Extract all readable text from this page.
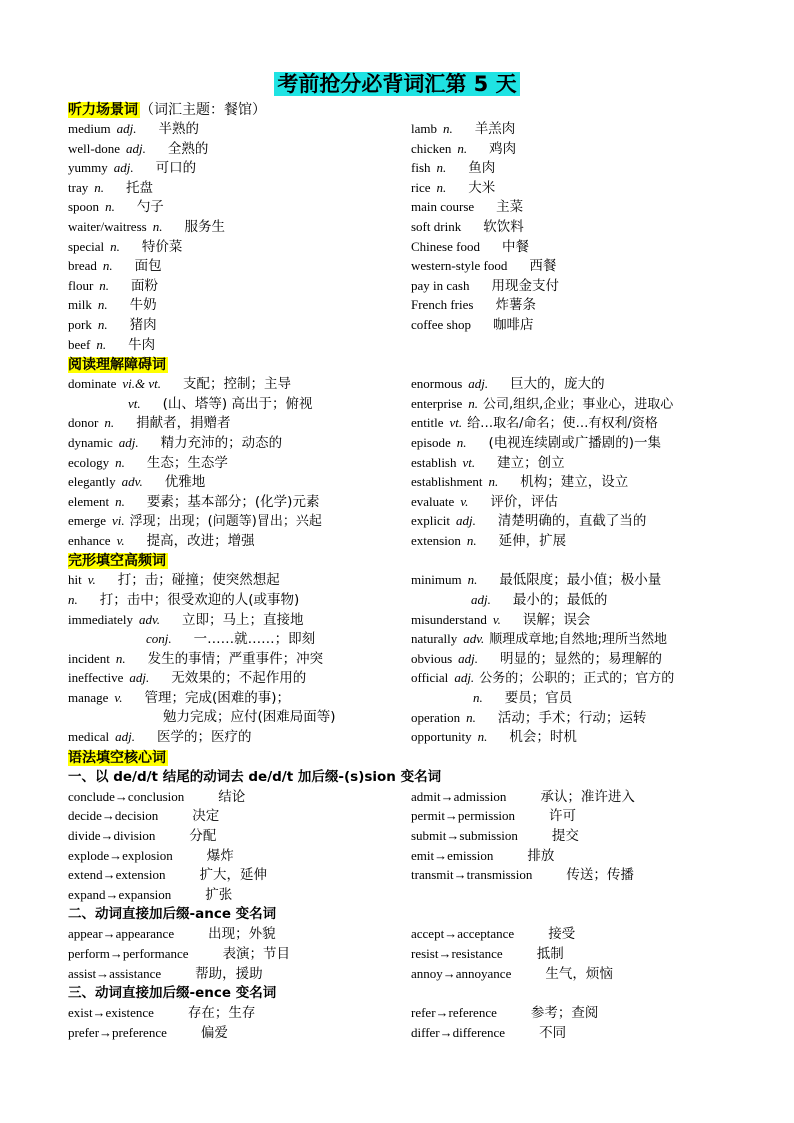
考前抢分必背词汇第 5 天
听力场景词 （词汇主题：餐馆）
medium adj. 半熟的	lamb n. 羊羔肉
well-done adj. 全熟的	chicken n. 鸡肉
yummy adj. 可口的	fish n. 鱼肉
tray n. 托盘	rice n. 大米
spoon n. 勺子	main course 主菜
waiter/waitress n. 服务生	soft drink 软饮料
special n. 特价菜	Chinese food 中餐
bread n. 面包	western-style food 西餐
flour n. 面粉	pay in cash 用现金支付
milk n. 牛奶	French fries 炸薯条
pork n. 猪肉	coffee shop 咖啡店
beef n. 牛肉
阅读理解障碍词
dominate vi.& vt. 支配；控制；主导	enormous adj. 巨大的，庞大的
vt. (山、塔等) 高出于；俯视	enterprise n. 公司,组织,企业；事业心，进取心
donor n. 捐献者，捐赠者	entitle vt. 给…取名/命名；使…有权利/资格
dynamic adj. 精力充沛的；动态的	episode n. (电视连续剧或广播剧的)一集
ecology n. 生态；生态学	establish vt. 建立；创立
elegantly adv. 优雅地	establishment n. 机构；建立，设立
element n. 要素；基本部分；(化学)元素	evaluate v. 评价，评估
emerge vi. 浮现；出现；(问题等)冒出；兴起	explicit adj. 清楚明确的，直截了当的
enhance v. 提高，改进；增强	extension n. 延伸，扩展
完形填空高频词
hit v. 打；击；碰撞；使突然想起	minimum n. 最低限度；最小值；极小量
n. 打；击中；很受欢迎的人(或事物)	adj. 最小的；最低的
immediately adv. 立即；马上；直接地	misunderstand v. 误解；误会
conj. 一……就……；即刻	naturally adv. 顺理成章地;自然地;理所当然地
incident n. 发生的事情；严重事件；冲突	obvious adj. 明显的；显然的；易理解的
ineffective adj. 无效果的；不起作用的	official adj. 公务的；公职的；正式的；官方的
manage v. 管理；完成(困难的事)；	n. 要员；官员
勉力完成；应付(困难局面等)	operation n. 活动；手术；行动；运转
medical adj. 医学的；医疗的	opportunity n. 机会；时机
语法填空核心词
一、以 de/d/t 结尾的动词去 de/d/t 加后缀-(s)sion 变名词
conclude→conclusion	结论	admit→admission	承认；准许进入
decide→decision	决定	permit→permission	许可
divide→division	分配	submit→submission	提交
explode→explosion	爆炸	emit→emission	排放
extend→extension	扩大，延伸	transmit→transmission	传送；传播
expand→expansion	扩张
二、动词直接加后缀-ance 变名词
appear→appearance	出现；外貌	accept→acceptance	接受
perform→performance	表演；节目	resist→resistance	抵制
assist→assistance	帮助，援助	annoy→annoyance	生气，烦恼
三、动词直接加后缀-ence 变名词
exist→existence	存在；生存	refer→reference	参考；查阅
prefer→preference	偏爱	differ→difference	不同
